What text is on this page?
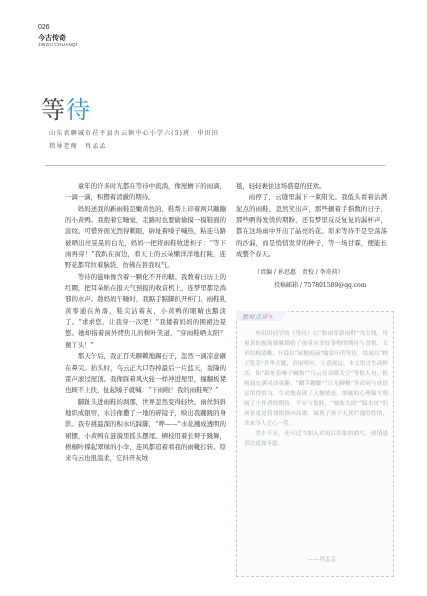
026
今古传奇
JINGU CHUANQI
等待
山东省聊城市茌平县古云镇中心小学六(5)班　申田田
指导老师　肖孟孟

童年的许多时光都在等待中流淌，像屋檐下的雨滴，一滴一滴，积攒着清澈的期待。

妈妈送我的新雨鞋是嫩黄色的，鞋帮上印着两只蹦蹦的小黄鸭。我抱着它睡觉，走路时也要偷偷摸一摸鞋面的波纹。可惜外面光烈得刺眼，辟址着嗓子喊热，粘连马路被晒出亮晃晃的白光，妈妈一把将雨鞋收进柜子：“等下雨再穿！”我趴在窗边，看天上的云朵懒洋洋地打盹，连野花都耷拉着脑袋，仿佛在替我叹气。

等待的滋味像含着一颗化不开的糖。我数着日历上的红圈，把耳朵贴在报天气预报的收音机上，连梦里都是淌邪的水声。趁妈妈午睡时，我踮手踮脚扒开柜门，雨鞋乳黄零通在角落，鞋尖沾着灰，小黄鸭的眼睛也黯淡了。“求求您，让我穿一次吧！”我搂着妈妈的围裙边晃悠。她却指着窗外烤焦儿的树叶笑道，“穿雨鞋晒太阳？傻丫头！”

那天午后，我正百无聊赖地踢石子，忽然一滴凉意砸在鼻尖。抬头时，乌云正大口吞掉最后一片蓝天，轰隆的雷声滚过屋顶。我像踩着风火轮一样冲进屋里，撞翻板凳也顾不上扶，扯起嗓子就喊：“下雨啦！我的雨鞋呢？”

脚趾头进雨鞋的刹那，世界忽然变得轻快，雨丝斜斜地织成银帘，水洼像撒了一地的碎镜子，映出我蹦跳的身影。我专挑最深的积水坑踩脚，“哗——”水花溅成透明的裙摆，小黄鸭在涟漪里摇头摆尾。柳枝用着长辫子跳舞，梧桐叶撑起翠绿的小伞，连风都追着看我的雨靴打转。原来乌云也很温柔，它抖开灰绒

毯，轻轻裹住这场盛夏的狂欢。

雨停了，云缝里漏下一束阳光。我低头看着沾满泥点的雨鞋，忽然笑出声，那些辗着手指数的日子，那些晒得发烫的期盼，还有梦里反反复复的漏杯声，都在这场雨中开出了晶亮的花。原来等待不是空荡荡的沙漏，而是悄悄发芽的种子，等一场甘霖，便能长成整个春天。

（责编 / 孙思惠　责校 / 李奇荷）
投稿邮箱 / 757801589@qq.com
教师点评✎

申田田同学的《等待》以“盼雨穿新雨鞋”为主线，用童真的视角细腻描绘了孩童对美好事物的期待与喜悦。文章结构清晰，开篇以“屋檐雨滴”喻童年的等待，结尾以“种子发芽”升华主题，首尾呼应，立意深远。本文语言生动鲜活，如“辟址着嗓子喊热”“乌云在吞噬天空”等拟人句，使画面充满灵动童趣；“蹦手蹦脚”“百无聊赖”等动词与成语运用得恰当，生动地表现了人物情态。细腻的心理描写刻画了小作者的期待、不安与雀跃，“倾盆大雨”“踩水坑”的场景更是将情绪推向高潮，展现了孩子天真烂漫的性情，读来令人会心一笑。

美中不足，还可适当加入对雨后景象的描写，使情感表达更加丰富。

——肖孟孟
